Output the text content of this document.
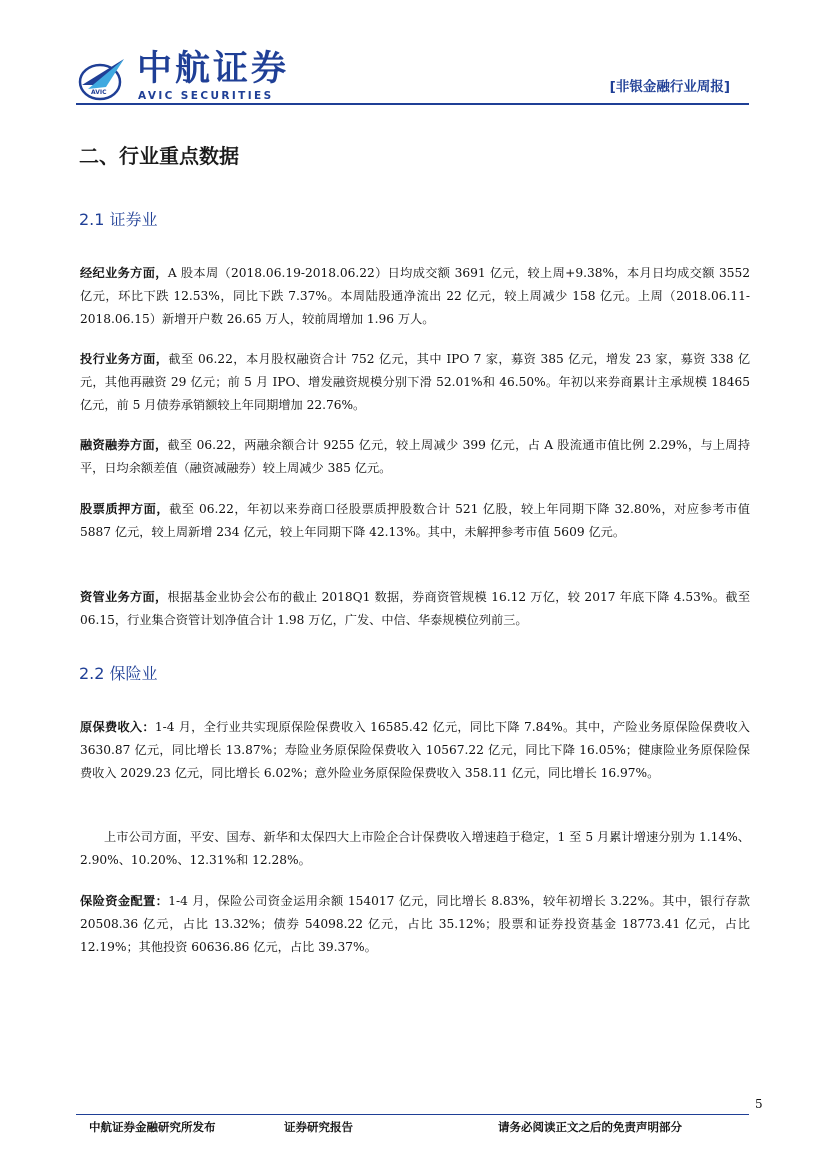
AVIC
中航证券
AVIC SECURITIES
[非银金融行业周报]
二、行业重点数据
2.1 证券业

经纪业务方面，A 股本周（2018.06.19-2018.06.22）日均成交额 3691 亿元，较上周+9.38%，本月日均成交额 3552 亿元，环比下跌 12.53%，同比下跌 7.37%。本周陆股通净流出 22 亿元，较上周减少 158 亿元。上周（2018.06.11-2018.06.15）新增开户数 26.65 万人，较前周增加 1.96 万人。

投行业务方面，截至 06.22，本月股权融资合计 752 亿元，其中 IPO 7 家，募资 385 亿元，增发 23 家，募资 338 亿元，其他再融资 29 亿元；前 5 月 IPO、增发融资规模分别下滑 52.01%和 46.50%。年初以来券商累计主承规模 18465 亿元，前 5 月债券承销额较上年同期增加 22.76%。

融资融券方面，截至 06.22，两融余额合计 9255 亿元，较上周减少 399 亿元，占 A 股流通市值比例 2.29%，与上周持平，日均余额差值（融资减融券）较上周减少 385 亿元。

股票质押方面，截至 06.22，年初以来券商口径股票质押股数合计 521 亿股，较上年同期下降 32.80%，对应参考市值 5887 亿元，较上周新增 234 亿元，较上年同期下降 42.13%。其中，未解押参考市值 5609 亿元。

资管业务方面，根据基金业协会公布的截止 2018Q1 数据，券商资管规模 16.12 万亿，较 2017 年底下降 4.53%。截至 06.15，行业集合资管计划净值合计 1.98 万亿，广发、中信、华泰规模位列前三。

2.2 保险业

原保费收入：1-4 月，全行业共实现原保险保费收入 16585.42 亿元，同比下降 7.84%。其中，产险业务原保险保费收入 3630.87 亿元，同比增长 13.87%；寿险业务原保险保费收入 10567.22 亿元，同比下降 16.05%；健康险业务原保险保费收入 2029.23 亿元，同比增长 6.02%；意外险业务原保险保费收入 358.11 亿元，同比增长 16.97%。

上市公司方面，平安、国寿、新华和太保四大上市险企合计保费收入增速趋于稳定，1 至 5 月累计增速分别为 1.14%、2.90%、10.20%、12.31%和 12.28%。

保险资金配置：1-4 月，保险公司资金运用余额 154017 亿元，同比增长 8.83%，较年初增长 3.22%。其中，银行存款 20508.36 亿元，占比 13.32%；债券 54098.22 亿元，占比 35.12%；股票和证券投资基金 18773.41 亿元，占比 12.19%；其他投资 60636.86 亿元，占比 39.37%。

5
中航证券金融研究所发布	证券研究报告	请务必阅读正文之后的免责声明部分
